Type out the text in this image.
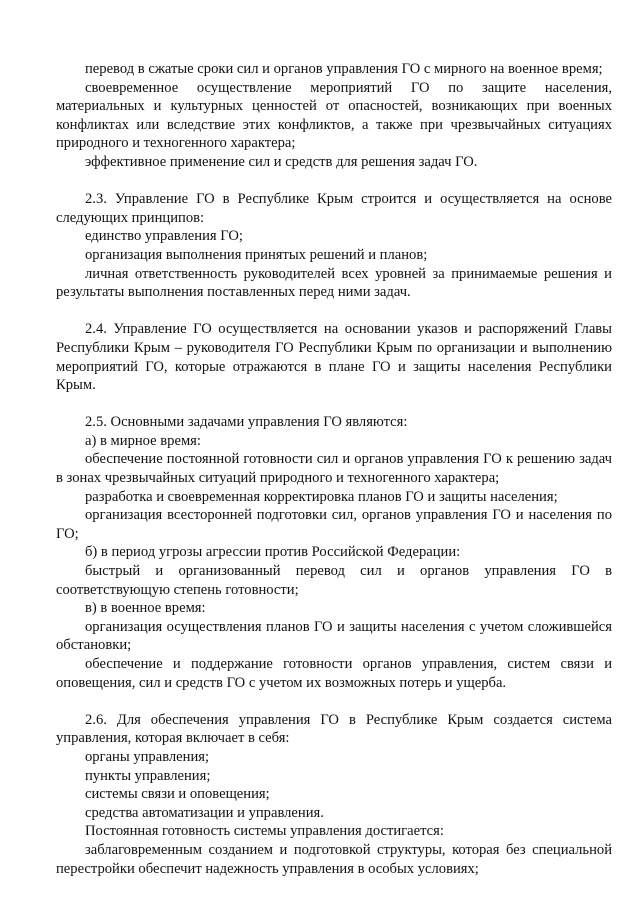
перевод в сжатые сроки сил и органов управления ГО с мирного на военное время;

своевременное осуществление мероприятий ГО по защите населения, материальных и культурных ценностей от опасностей, возникающих при военных конфликтах или вследствие этих конфликтов, а также при чрезвычайных ситуациях природного и техногенного характера;

эффективное применение сил и средств для решения задач ГО.

2.3. Управление ГО в Республике Крым строится и осуществляется на основе следующих принципов:

единство управления ГО;

организация выполнения принятых решений и планов;

личная ответственность руководителей всех уровней за принимаемые решения и результаты выполнения поставленных перед ними задач.

2.4. Управление ГО осуществляется на основании указов и распоряжений Главы Республики Крым – руководителя ГО Республики Крым по организации и выполнению мероприятий ГО, которые отражаются в плане ГО и защиты населения Республики Крым.

2.5. Основными задачами управления ГО являются:

а) в мирное время:

обеспечение постоянной готовности сил и органов управления ГО к решению задач в зонах чрезвычайных ситуаций природного и техногенного характера;

разработка и своевременная корректировка планов ГО и защиты населения;

организация всесторонней подготовки сил, органов управления ГО и населения по ГО;

б) в период угрозы агрессии против Российской Федерации:

быстрый и организованный перевод сил и органов управления ГО в соответствующую степень готовности;

в) в военное время:

организация осуществления планов ГО и защиты населения с учетом сложившейся обстановки;

обеспечение и поддержание готовности органов управления, систем связи и оповещения, сил и средств ГО с учетом их возможных потерь и ущерба.

2.6. Для обеспечения управления ГО в Республике Крым создается система управления, которая включает в себя:

органы управления;

пункты управления;

системы связи и оповещения;

средства автоматизации и управления.

Постоянная готовность системы управления достигается:

заблаговременным созданием и подготовкой структуры, которая без специальной перестройки обеспечит надежность управления в особых условиях;
